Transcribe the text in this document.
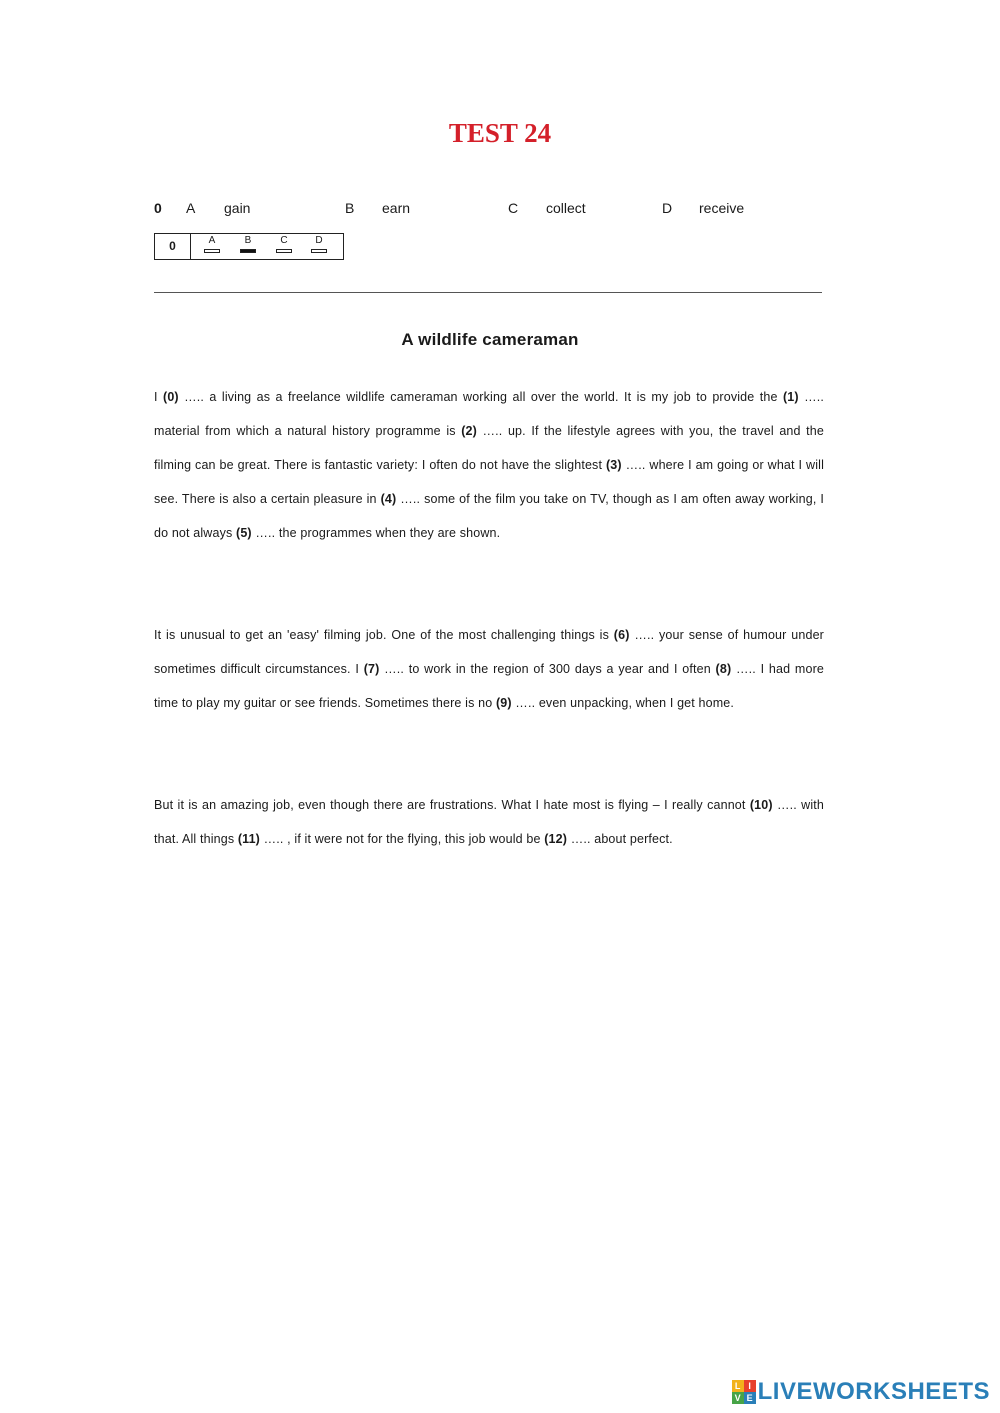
TEST 24
0 A gain	B earn	C collect	D receive
0	A	B	C	D
A wildlife cameraman
I (0) ….. a living as a freelance wildlife cameraman working all over the world. It is my job to provide the (1) ….. material from which a natural history programme is (2) ….. up. If the lifestyle agrees with you, the travel and the filming can be great. There is fantastic variety: I often do not have the slightest (3) ….. where I am going or what I will see. There is also a certain pleasure in (4) ….. some of the film you take on TV, though as I am often away working, I do not always (5) ….. the programmes when they are shown.
It is unusual to get an 'easy' filming job. One of the most challenging things is (6) ….. your sense of humour under sometimes difficult circumstances. I (7) ….. to work in the region of 300 days a year and I often (8) ….. I had more time to play my guitar or see friends. Sometimes there is no (9) ….. even unpacking, when I get home.
But it is an amazing job, even though there are frustrations. What I hate most is flying – I really cannot (10) ….. with that. All things (11) ….. , if it were not for the flying, this job would be (12) ….. about perfect.
L I
V E LIVEWORKSHEETS
